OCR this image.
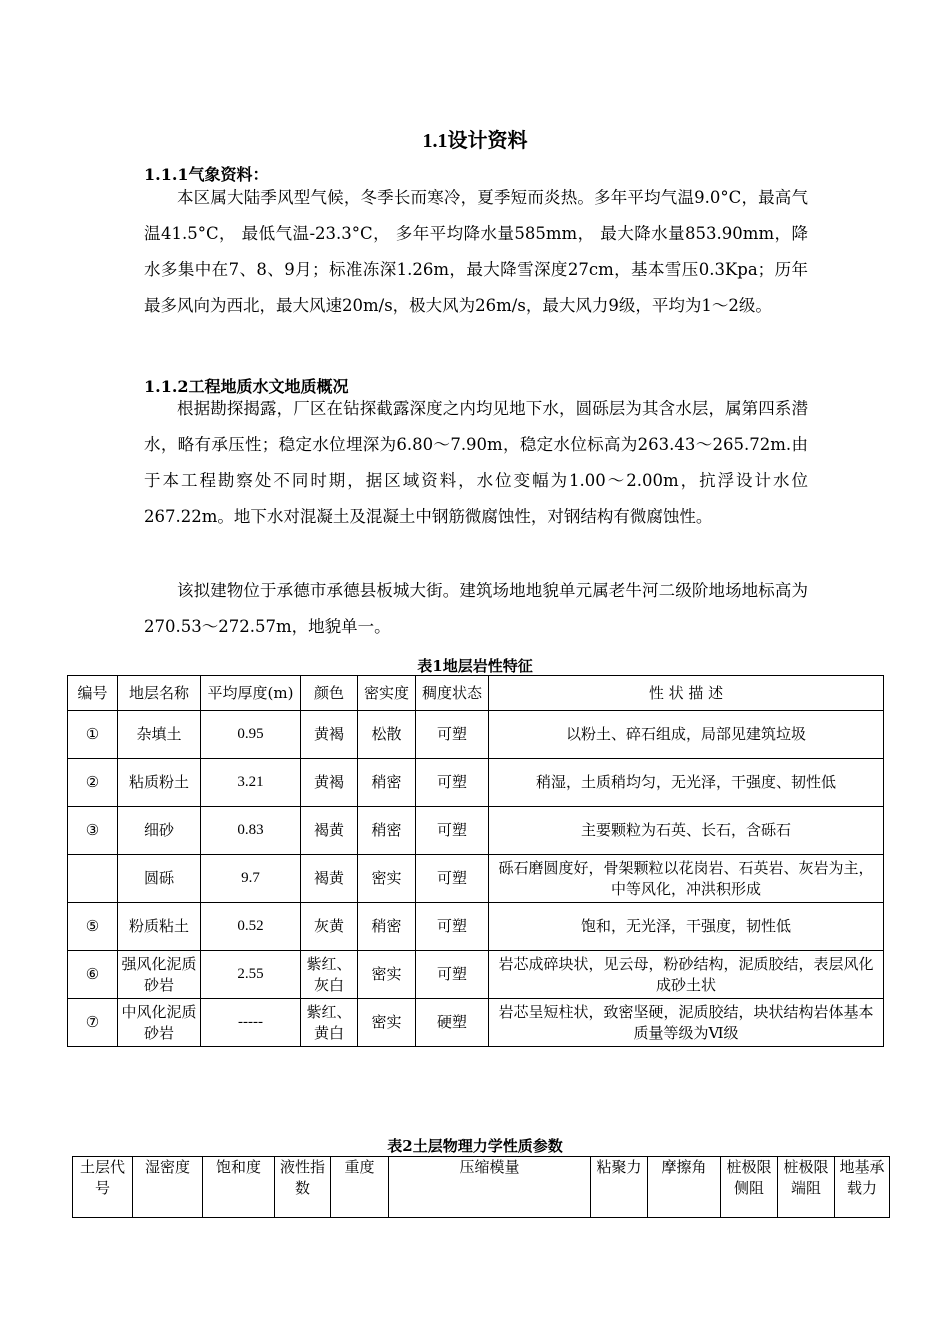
1.1设计资料
1.1.1气象资料：
本区属大陆季风型气候，冬季长而寒冷，夏季短而炎热。多年平均气温9.0°C，最高气温41.5°C， 最低气温-23.3°C， 多年平均降水量585mm， 最大降水量853.90mm，降水多集中在7、8、9月；标准冻深1.26m，最大降雪深度27cm，基本雪压0.3Kpa；历年最多风向为西北，最大风速20m/s，极大风为26m/s，最大风力9级，平均为1～2级。
1.1.2工程地质水文地质概况
根据勘探揭露，厂区在钻探截露深度之内均见地下水，圆砾层为其含水层，属第四系潜水，略有承压性；稳定水位埋深为6.80～7.90m，稳定水位标高为263.43～265.72m.由于本工程勘察处不同时期，据区域资料，水位变幅为1.00～2.00m，抗浮设计水位267.22m。地下水对混凝土及混凝土中钢筋微腐蚀性，对钢结构有微腐蚀性。
该拟建物位于承德市承德县板城大街。建筑场地地貌单元属老牛河二级阶地场地标高为270.53～272.57m，地貌单一。
表1地层岩性特征
编号	地层名称	平均厚度(m)	颜色	密实度	稠度状态	性 状 描 述
①	杂填土	0.95	黄褐	松散	可塑	以粉土、碎石组成，局部见建筑垃圾
②	粘质粉土	3.21	黄褐	稍密	可塑	稍湿，土质稍均匀，无光泽，干强度、韧性低
③	细砂	0.83	褐黄	稍密	可塑	主要颗粒为石英、长石，含砾石
	圆砾	9.7	褐黄	密实	可塑	砾石磨圆度好，骨架颗粒以花岗岩、石英岩、灰岩为主，中等风化，冲洪积形成
⑤	粉质粘土	0.52	灰黄	稍密	可塑	饱和，无光泽，干强度，韧性低
⑥	强风化泥质砂岩	2.55	紫红、灰白	密实	可塑	岩芯成碎块状，见云母，粉砂结构，泥质胶结，表层风化成砂土状
⑦	中风化泥质砂岩	-----	紫红、黄白	密实	硬塑	岩芯呈短柱状，致密坚硬，泥质胶结，块状结构岩体基本质量等级为Ⅵ级
表2土层物理力学性质参数
土层代号	湿密度	饱和度	液性指数	重度	压缩模量	粘聚力	摩擦角	桩极限侧阻	桩极限端阻	地基承载力
